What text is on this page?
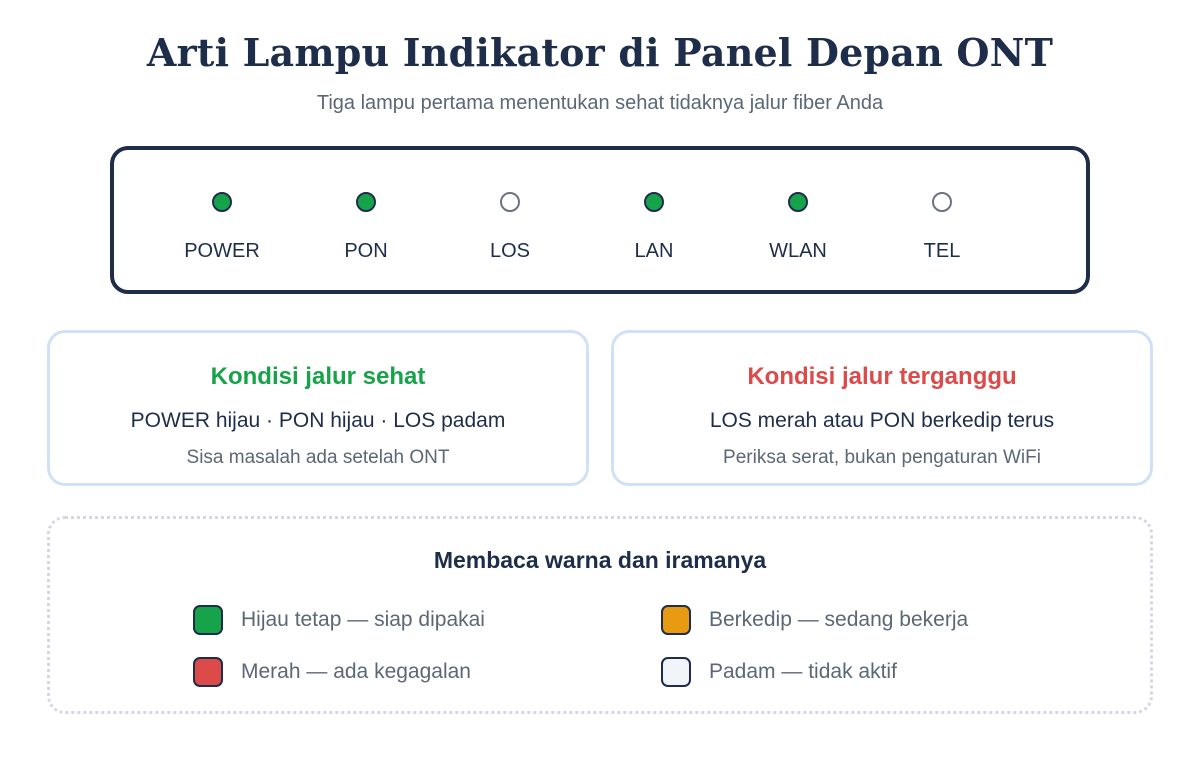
Arti Lampu Indikator di Panel Depan ONT
Tiga lampu pertama menentukan sehat tidaknya jalur fiber Anda
POWER	PON	LOS	LAN	WLAN	TEL
Kondisi jalur sehat
POWER hijau · PON hijau · LOS padam
Sisa masalah ada setelah ONT
Kondisi jalur terganggu
LOS merah atau PON berkedip terus
Periksa serat, bukan pengaturan WiFi
Membaca warna dan iramanya
Hijau tetap — siap dipakai	Berkedip — sedang bekerja
Merah — ada kegagalan	Padam — tidak aktif
